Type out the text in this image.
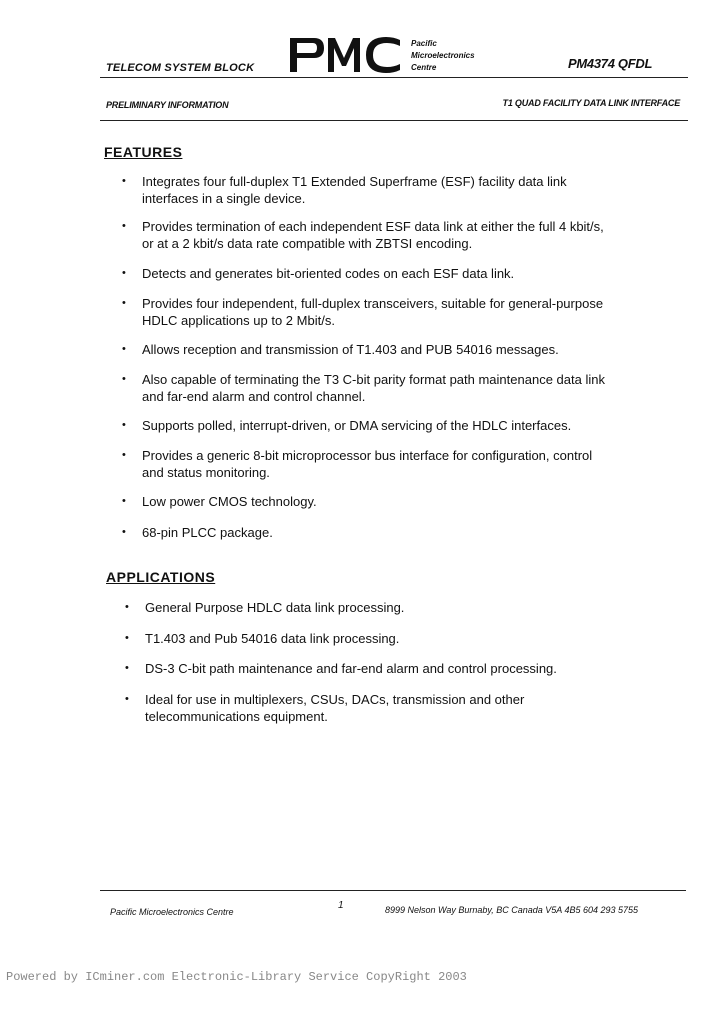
TELECOM SYSTEM BLOCK
Pacific
Microelectronics
Centre	PM4374 QFDL
PRELIMINARY INFORMATION	T1 QUAD FACILITY DATA LINK INTERFACE
FEATURES
• Integrates four full-duplex T1 Extended Superframe (ESF) facility data link
interfaces in a single device.
• Provides termination of each independent ESF data link at either the full 4 kbit/s,
or at a 2 kbit/s data rate compatible with ZBTSI encoding.
• Detects and generates bit-oriented codes on each ESF data link.
• Provides four independent, full-duplex transceivers, suitable for general-purpose
HDLC applications up to 2 Mbit/s.
• Allows reception and transmission of T1.403 and PUB 54016 messages.
• Also capable of terminating the T3 C-bit parity format path maintenance data link
and far-end alarm and control channel.
• Supports polled, interrupt-driven, or DMA servicing of the HDLC interfaces.
• Provides a generic 8-bit microprocessor bus interface for configuration, control
and status monitoring.
• Low power CMOS technology.
• 68-pin PLCC package.
APPLICATIONS
• General Purpose HDLC data link processing.
• T1.403 and Pub 54016 data link processing.
• DS-3 C-bit path maintenance and far-end alarm and control processing.
• Ideal for use in multiplexers, CSUs, DACs, transmission and other
telecommunications equipment.
Pacific Microelectronics Centre
1	8999 Nelson Way Burnaby, BC Canada V5A 4B5 604 293 5755
Powered by ICminer.com Electronic-Library Service CopyRight 2003
